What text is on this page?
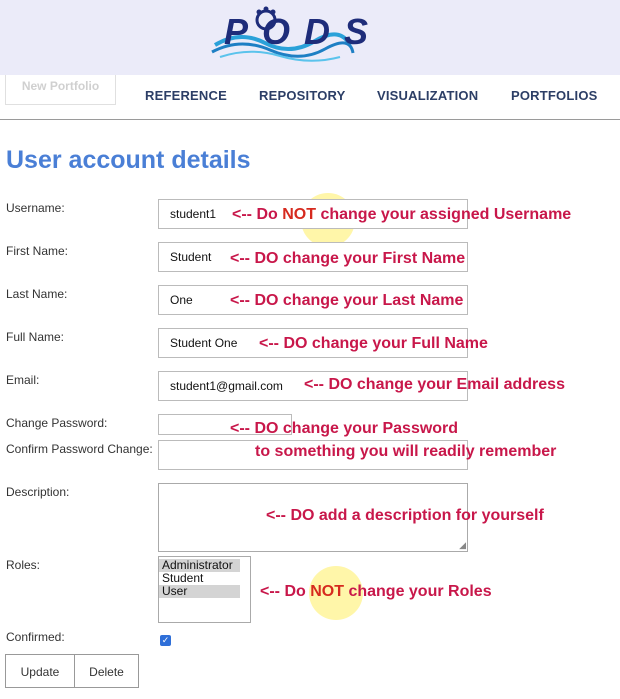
PODS
New Portfolio
REFERENCE REPOSITORY VISUALIZATION	PORTFOLIOS
User account details
Username:
student1	<-- Do NOT change your assigned Username
First Name:
Student	<-- DO change your First Name
Last Name:
One	<-- DO change your Last Name
Full Name:
Student One	<-- DO change your Full Name
Email:
student1@gmail.com	<-- DO change your Email address
Change Password:	<-- DO change your Password
Confirm Password Change:	to something you will readily remember
Description:
◢
<-- DO add a description for yourself
Roles:	Administrator
Student
User	<-- Do NOT change your Roles
Confirmed:	✓
Update	Delete
